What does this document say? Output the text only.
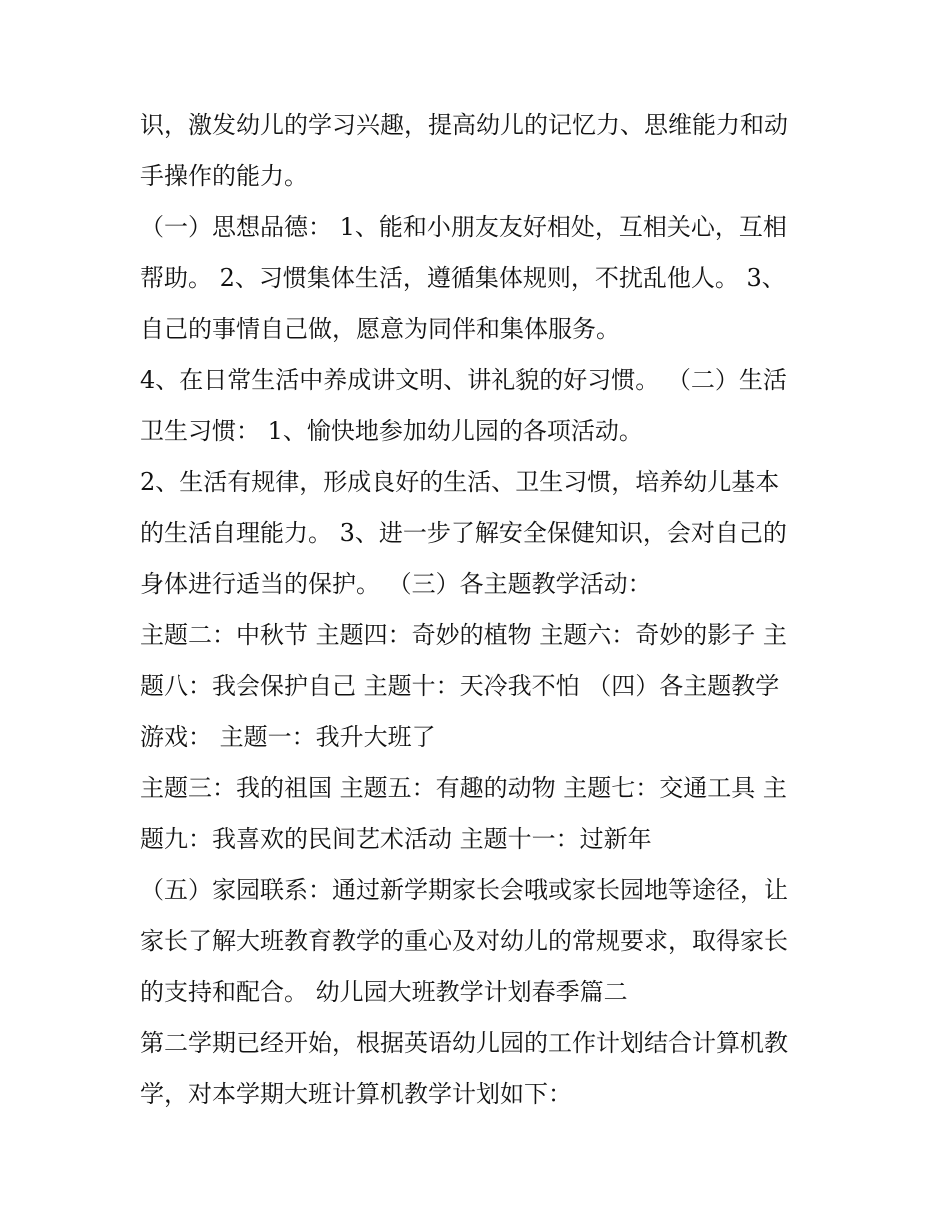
识，激发幼儿的学习兴趣，提高幼儿的记忆力、思维能力和动
手操作的能力。
（一）思想品德： 1、能和小朋友友好相处，互相关心，互相
帮助。 2、习惯集体生活，遵循集体规则，不扰乱他人。 3、
自己的事情自己做，愿意为同伴和集体服务。
4、在日常生活中养成讲文明、讲礼貌的好习惯。 （二）生活
卫生习惯： 1、愉快地参加幼儿园的各项活动。
2、生活有规律，形成良好的生活、卫生习惯，培养幼儿基本
的生活自理能力。 3、进一步了解安全保健知识，会对自己的
身体进行适当的保护。 （三）各主题教学活动：
主题二：中秋节 主题四：奇妙的植物 主题六：奇妙的影子 主
题八：我会保护自己 主题十：天冷我不怕 （四）各主题教学
游戏： 主题一：我升大班了
主题三：我的祖国 主题五：有趣的动物 主题七：交通工具 主
题九：我喜欢的民间艺术活动 主题十一：过新年
（五）家园联系：通过新学期家长会哦或家长园地等途径，让
家长了解大班教育教学的重心及对幼儿的常规要求，取得家长
的支持和配合。 幼儿园大班教学计划春季篇二
第二学期已经开始，根据英语幼儿园的工作计划结合计算机教
学，对本学期大班计算机教学计划如下：
